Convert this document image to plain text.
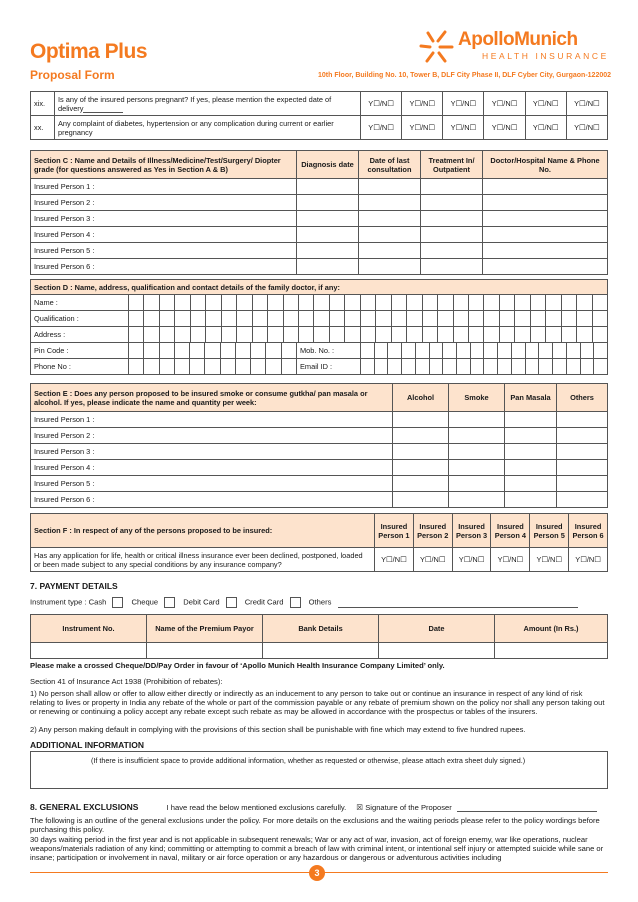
Optima Plus
Proposal Form	10th Floor, Building No. 10, Tower B, DLF City Phase II, DLF Cyber City, Gurgaon-122002
ApolloMunich
HEALTH INSURANCE
xix.	Is any of the insured persons pregnant? If yes, please mention the expected date of delivery	Y☐/N☐	Y☐/N☐	Y☐/N☐	Y☐/N☐	Y☐/N☐	Y☐/N☐
xx.	Any complaint of diabetes, hypertension or any complication during current or earlier pregnancy	Y☐/N☐	Y☐/N☐	Y☐/N☐	Y☐/N☐	Y☐/N☐	Y☐/N☐
Section C : Name and Details of Illness/Medicine/Test/Surgery/ Diopter grade (for questions answered as Yes in Section A & B)	Diagnosis date	Date of last consultation	Treatment In/ Outpatient	Doctor/Hospital Name & Phone No.
Insured Person 1 :				
Insured Person 2 :				
Insured Person 3 :				
Insured Person 4 :				
Insured Person 5 :				
Insured Person 6 :				
Section D : Name, address, qualification and contact details of the family doctor, if any:			
Name :			

Qualification :			

Address :			

Pin Code :		Mob. No. :	

Phone No :		Email ID :	
Section E : Does any person proposed to be insured smoke or consume gutkha/ pan masala or alcohol. If yes, please indicate the name and quantity per week:	Alcohol	Smoke	Pan Masala	Others
Insured Person 1 :				
Insured Person 2 :				
Insured Person 3 :				
Insured Person 4 :				
Insured Person 5 :				
Insured Person 6 :				
Section F : In respect of any of the persons proposed to be insured:	Insured Person 1	Insured Person 2	Insured Person 3	Insured Person 4	Insured Person 5	Insured Person 6
Has any application for life, health or critical illness insurance ever been declined, postponed, loaded or been made subject to any special conditions by any insurance company?	Y☐/N☐	Y☐/N☐	Y☐/N☐	Y☐/N☐	Y☐/N☐	Y☐/N☐
7. PAYMENT DETAILS
Instrument type : Cash	Cheque	Debit Card	Credit Card	Others
Instrument No.	Name of the Premium Payor	Bank Details	Date	Amount (In Rs.)

Please make a crossed Cheque/DD/Pay Order in favour of ‘Apollo Munich Health Insurance Company Limited’ only.
Section 41 of Insurance Act 1938 (Prohibition of rebates):
1) No person shall allow or offer to allow either directly or indirectly as an inducement to any person to take out or continue an insurance in respect of any kind of risk relating to lives or property in India any rebate of the whole or part of the commission payable or any rebate of premium shown on the policy nor shall any person taking out or renewing or continuing a policy accept any rebate except such rebate as may be allowed in accordance with the prospectus or tables of the insurers.
2) Any person making default in complying with the provisions of this section shall be punishable with fine which may extend to five hundred rupees.
ADDITIONAL INFORMATION
(If there is insufficient space to provide additional information, whether as requested or otherwise, please attach extra sheet duly signed.)
8. GENERAL EXCLUSIONS	I have read the below mentioned exclusions carefully. ☒ Signature of the Proposer
The following is an outline of the general exclusions under the policy. For more details on the exclusions and the waiting periods please refer to the policy wordings before purchasing this policy.
30 days waiting period in the first year and is not applicable in subsequent renewals; War or any act of war, invasion, act of foreign enemy, war like operations, nuclear weapons/materials radiation of any kind; committing or attempting to commit a breach of law with criminal intent, or intentional self injury or attempted suicide while sane or insane; participation or involvement in naval, military or air force operation or any hazardous or dangerous or adventurous activities including
3
